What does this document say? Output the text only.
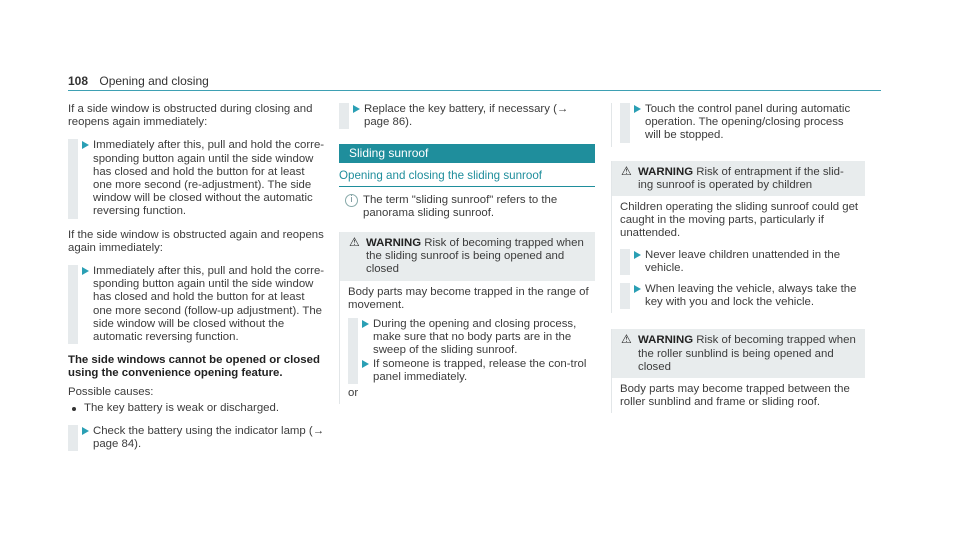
108 Opening and closing

If a side window is obstructed during closing and reopens again immediately:

Immediately after this, pull and hold the corre-sponding button again until the side window has closed and hold the button for at least one more second (re-adjustment). The side window will be closed without the automatic reversing function.

If the side window is obstructed again and reopens again immediately:

Immediately after this, pull and hold the corre-sponding button again until the side window has closed and hold the button for at least one more second (follow-up adjustment). The side window will be closed without the automatic reversing function.

The side windows cannot be opened or closed using the convenience opening feature.

Possible causes:

The key battery is weak or discharged.

Check the battery using the indicator lamp (→ page 84).

Replace the key battery, if necessary (→ page 86).

Sliding sunroof
Opening and closing the sliding sunroof
i The term "sliding sunroof" refers to the panorama sliding sunroof.

⚠ WARNING Risk of becoming trapped when the sliding sunroof is being opened and closed

Body parts may become trapped in the range of movement.

During the opening and closing process, make sure that no body parts are in the sweep of the sliding sunroof.

If someone is trapped, release the con-trol panel immediately.

or

Touch the control panel during automatic operation. The opening/closing process will be stopped.

⚠ WARNING Risk of entrapment if the slid-ing sunroof is operated by children

Children operating the sliding sunroof could get caught in the moving parts, particularly if unattended.

Never leave children unattended in the vehicle.

When leaving the vehicle, always take the key with you and lock the vehicle.

⚠ WARNING Risk of becoming trapped when the roller sunblind is being opened and closed

Body parts may become trapped between the roller sunblind and frame or sliding roof.
